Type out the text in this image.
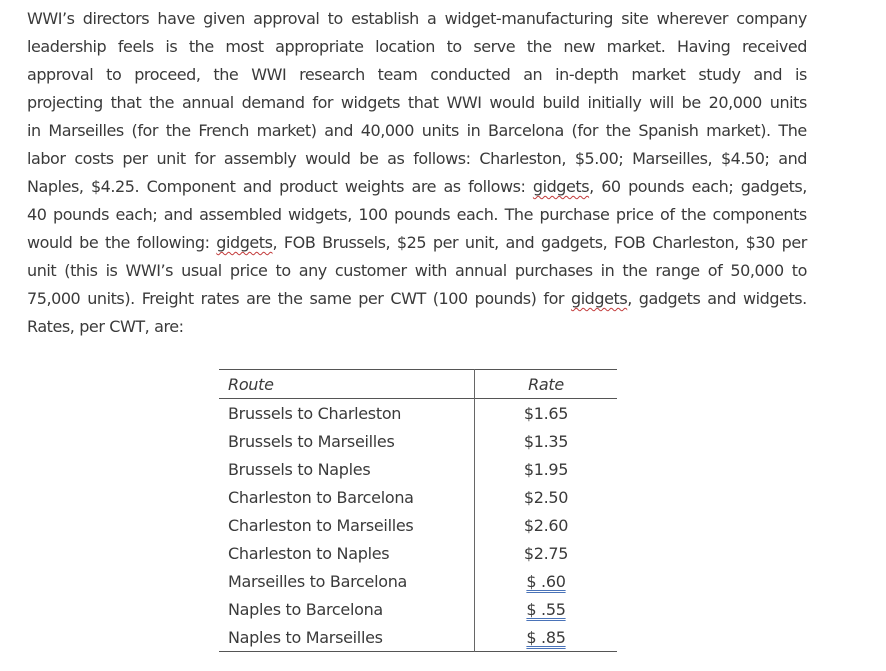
WWI’s directors have given approval to establish a widget-manufacturing site wherever company
leadership feels is the most appropriate location to serve the new market. Having received
approval to proceed, the WWI research team conducted an in-depth market study and is
projecting that the annual demand for widgets that WWI would build initially will be 20,000 units
in Marseilles (for the French market) and 40,000 units in Barcelona (for the Spanish market). The
labor costs per unit for assembly would be as follows: Charleston, $5.00; Marseilles, $4.50; and
Naples, $4.25. Component and product weights are as follows: gidgets, 60 pounds each; gadgets,
40 pounds each; and assembled widgets, 100 pounds each. The purchase price of the components
would be the following: gidgets, FOB Brussels, $25 per unit, and gadgets, FOB Charleston, $30 per
unit (this is WWI’s usual price to any customer with annual purchases in the range of 50,000 to
75,000 units). Freight rates are the same per CWT (100 pounds) for gidgets, gadgets and widgets.
Rates, per CWT, are:
Route	Rate
Brussels to Charleston	$1.65
Brussels to Marseilles	$1.35
Brussels to Naples	$1.95
Charleston to Barcelona	$2.50
Charleston to Marseilles	$2.60
Charleston to Naples	$2.75
Marseilles to Barcelona	$ .60
Naples to Barcelona	$ .55
Naples to Marseilles	$ .85
